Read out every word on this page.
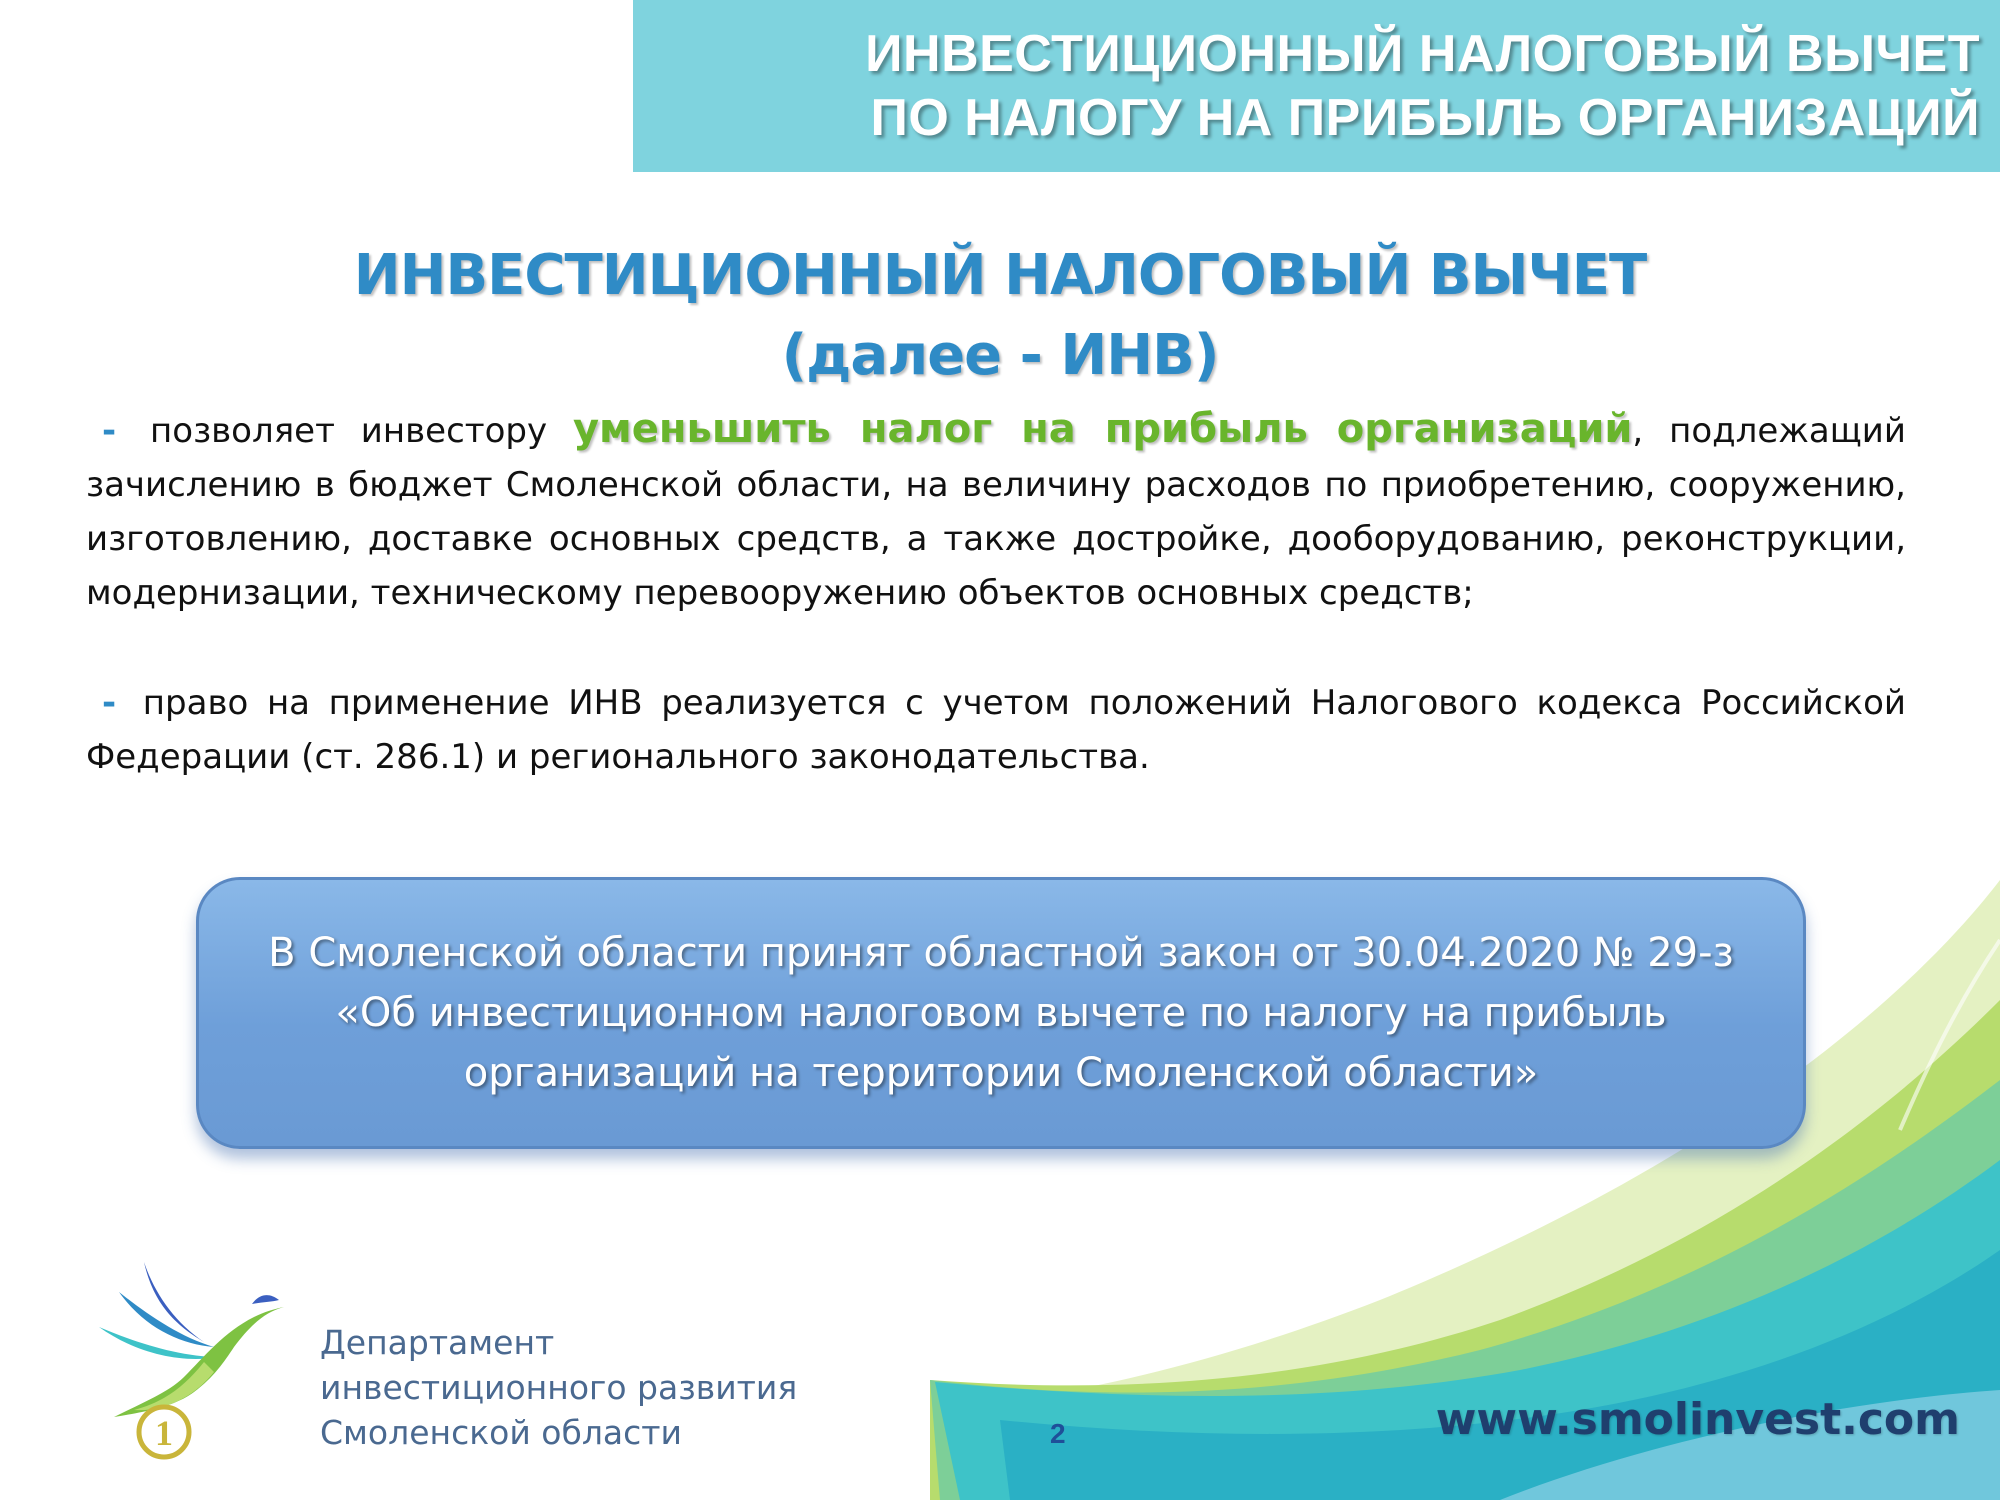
ИНВЕСТИЦИОННЫЙ НАЛОГОВЫЙ ВЫЧЕТ
ПО НАЛОГУ НА ПРИБЫЛЬ ОРГАНИЗАЦИЙ
ИНВЕСТИЦИОННЫЙ НАЛОГОВЫЙ ВЫЧЕТ
(далее - ИНВ)

- позволяет инвестору уменьшить налог на прибыль организаций, подлежащий зачислению в бюджет Смоленской области, на величину расходов по приобретению, сооружению, изготовлению, доставке основных средств, а также достройке, дооборудованию, реконструкции, модернизации, техническому перевооружению объектов основных средств;

- право на применение ИНВ реализуется с учетом положений Налогового кодекса Российской Федерации (ст. 286.1) и регионального законодательства.

В Смоленской области принят областной закон от 30.04.2020 № 29-з
«Об инвестиционном налоговом вычете по налогу на прибыль
организаций на территории Смоленской области»

1

Департамент
инвестиционного развития
Смоленской области	2	www.smolinvest.com
